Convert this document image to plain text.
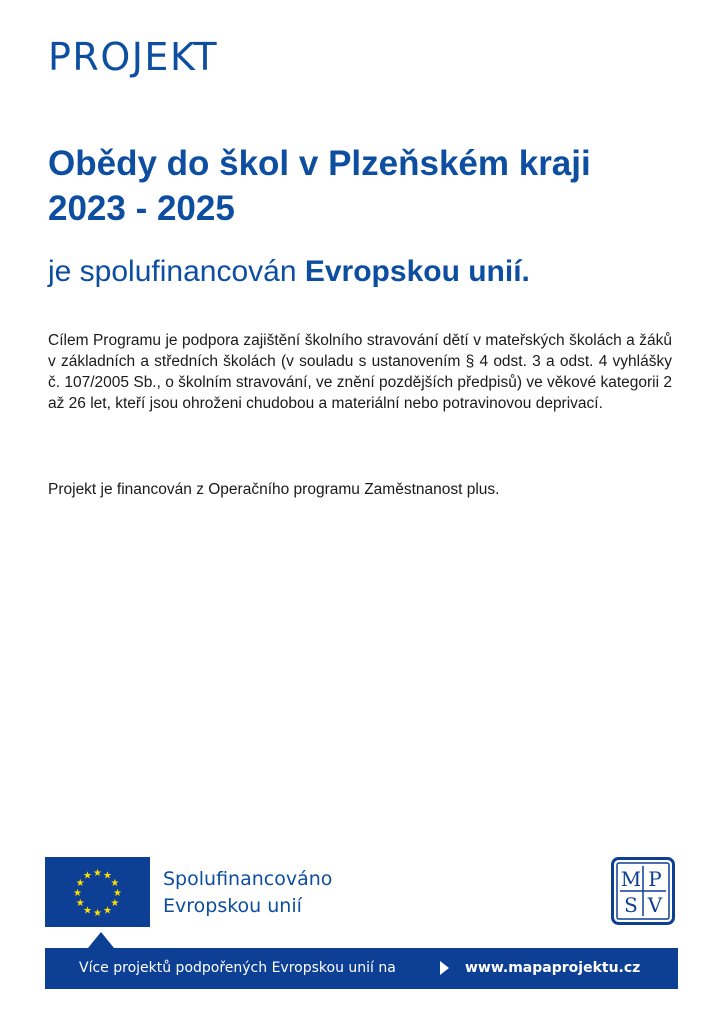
PROJEKT
Obědy do škol v Plzeňském kraji 2023 - 2025
je spolufinancován Evropskou unií.

Cílem Programu je podpora zajištění školního stravování dětí v mateřských školách a žáků v základních a středních školách (v souladu s ustanovením § 4 odst. 3 a odst. 4 vyhlášky č. 107/2005 Sb., o školním stravování, ve znění pozdějších předpisů) ve věkové kategorii 2 až 26 let, kteří jsou ohroženi chudobou a materiální nebo potravinovou deprivací.

Projekt je financován z Operačního programu Zaměstnanost plus.

★ ★
★
★
★
★
★
★
★
★
★
★	Spolufinancováno
Evropskou unií
M P
S V
Více projektů podpořených Evropskou unií na	www.mapaprojektu.cz
